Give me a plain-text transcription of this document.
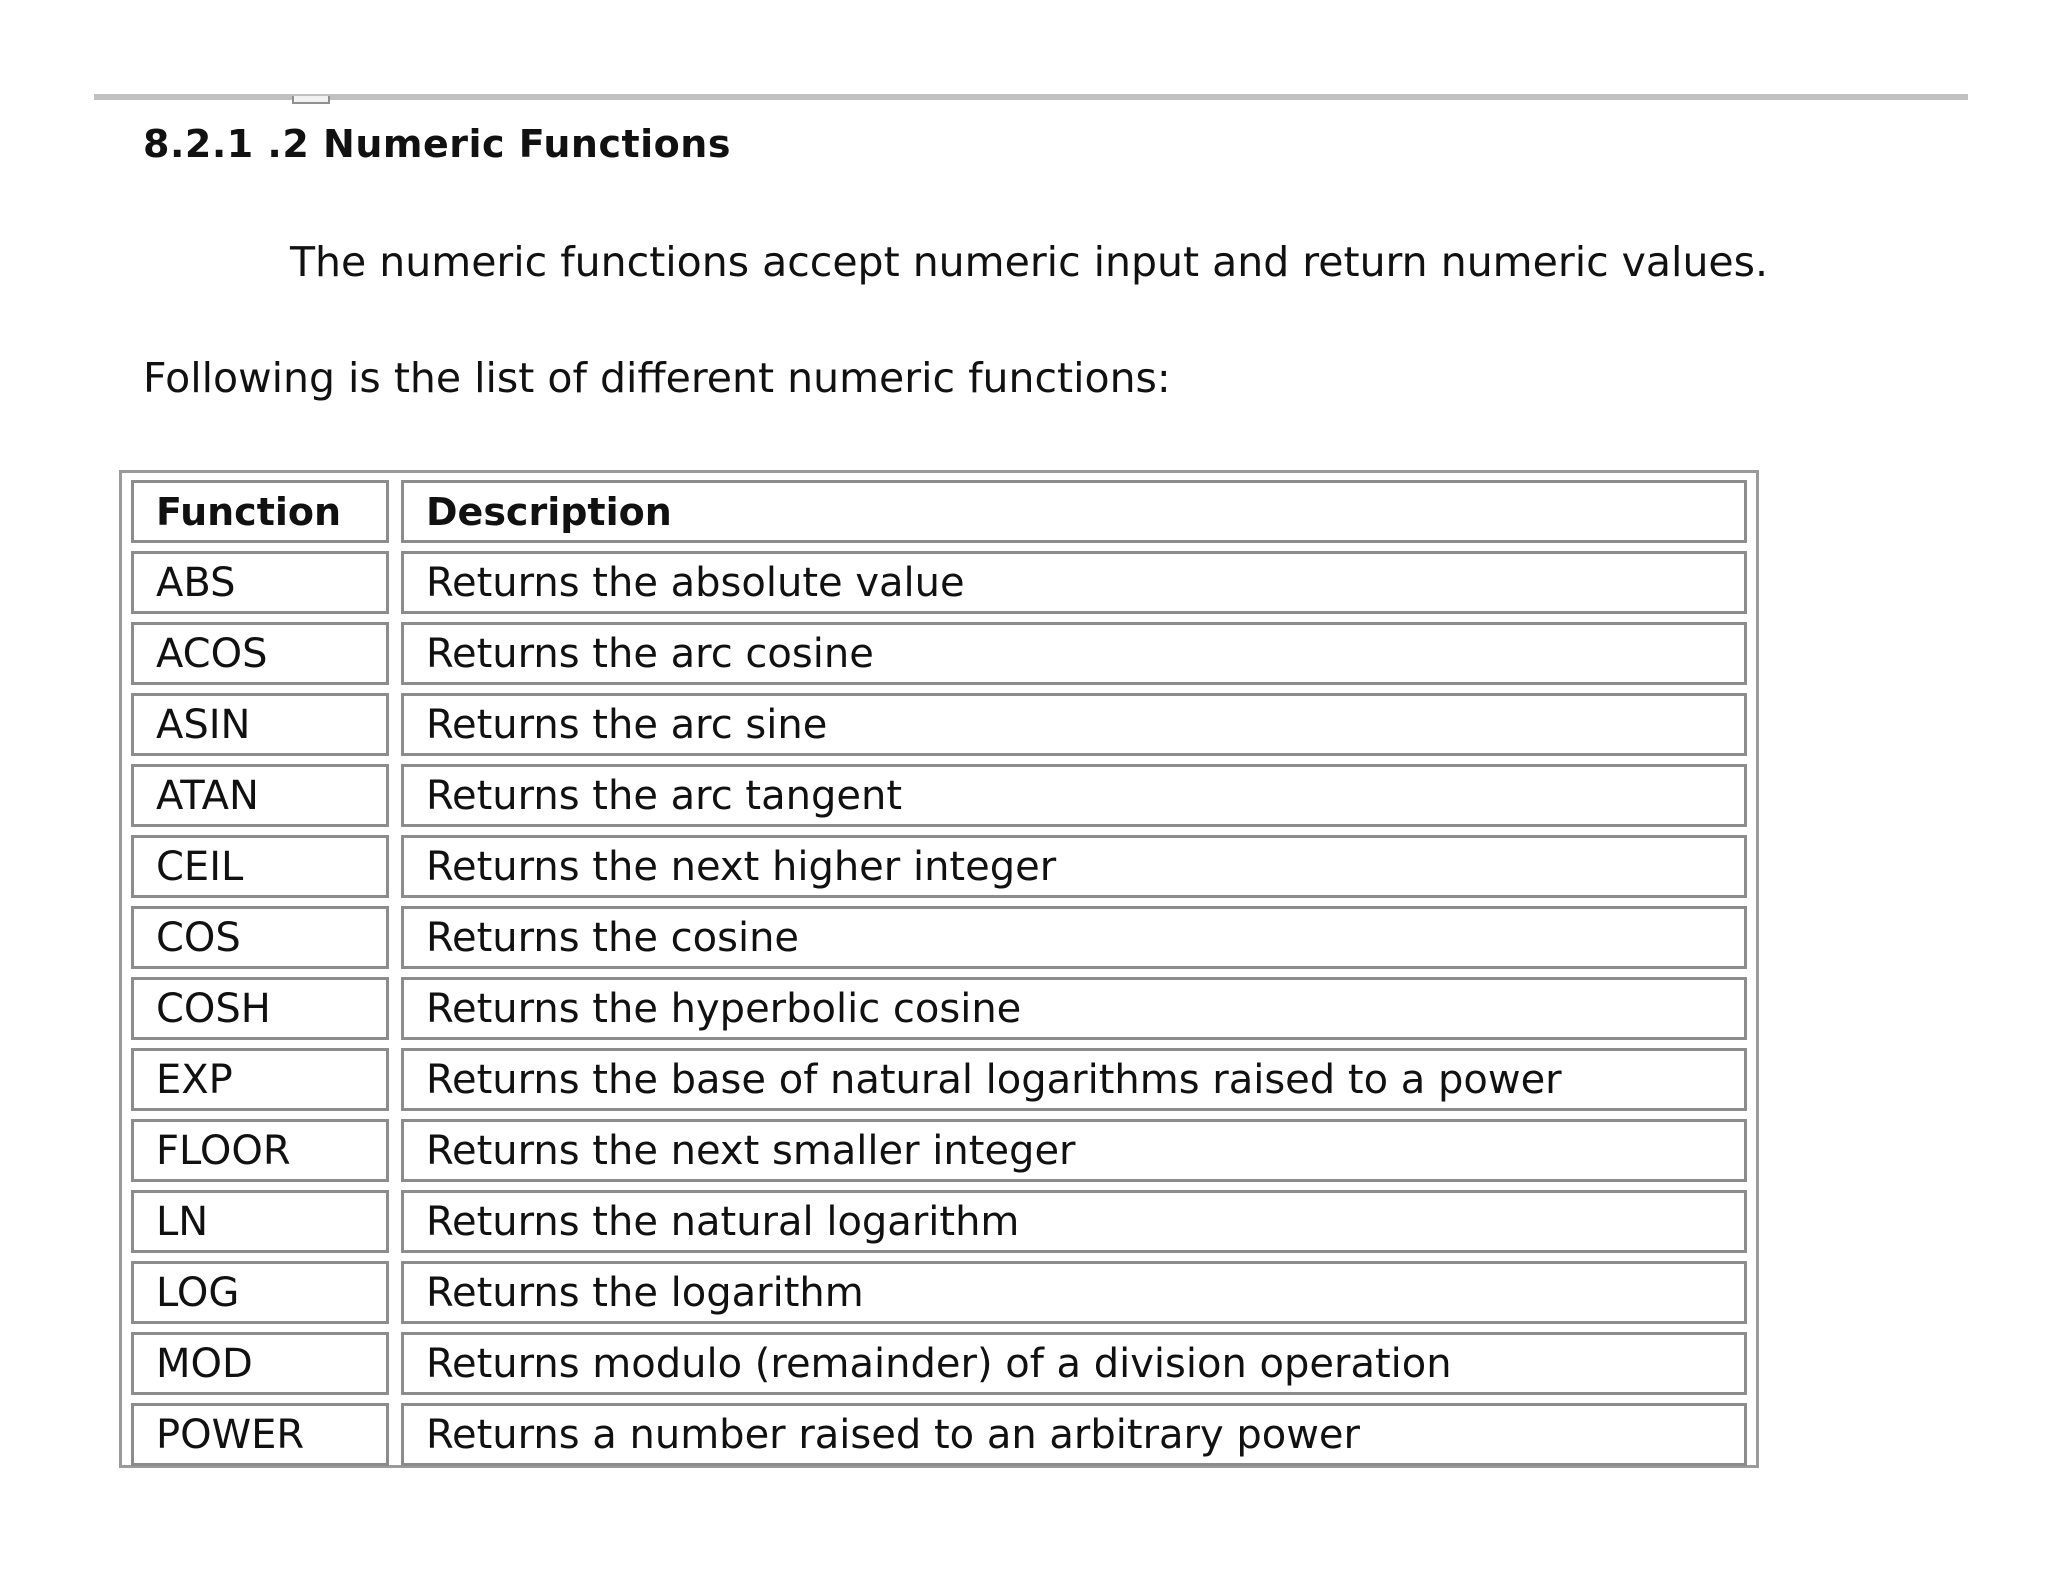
8.2.1 .2 Numeric Functions
The numeric functions accept numeric input and return numeric values.
Following is the list of different numeric functions:
Function	Description
ABS	Returns the absolute value
ACOS	Returns the arc cosine
ASIN	Returns the arc sine
ATAN	Returns the arc tangent
CEIL	Returns the next higher integer
COS	Returns the cosine
COSH	Returns the hyperbolic cosine
EXP	Returns the base of natural logarithms raised to a power
FLOOR	Returns the next smaller integer
LN	Returns the natural logarithm
LOG	Returns the logarithm
MOD	Returns modulo (remainder) of a division operation
POWER	Returns a number raised to an arbitrary power
